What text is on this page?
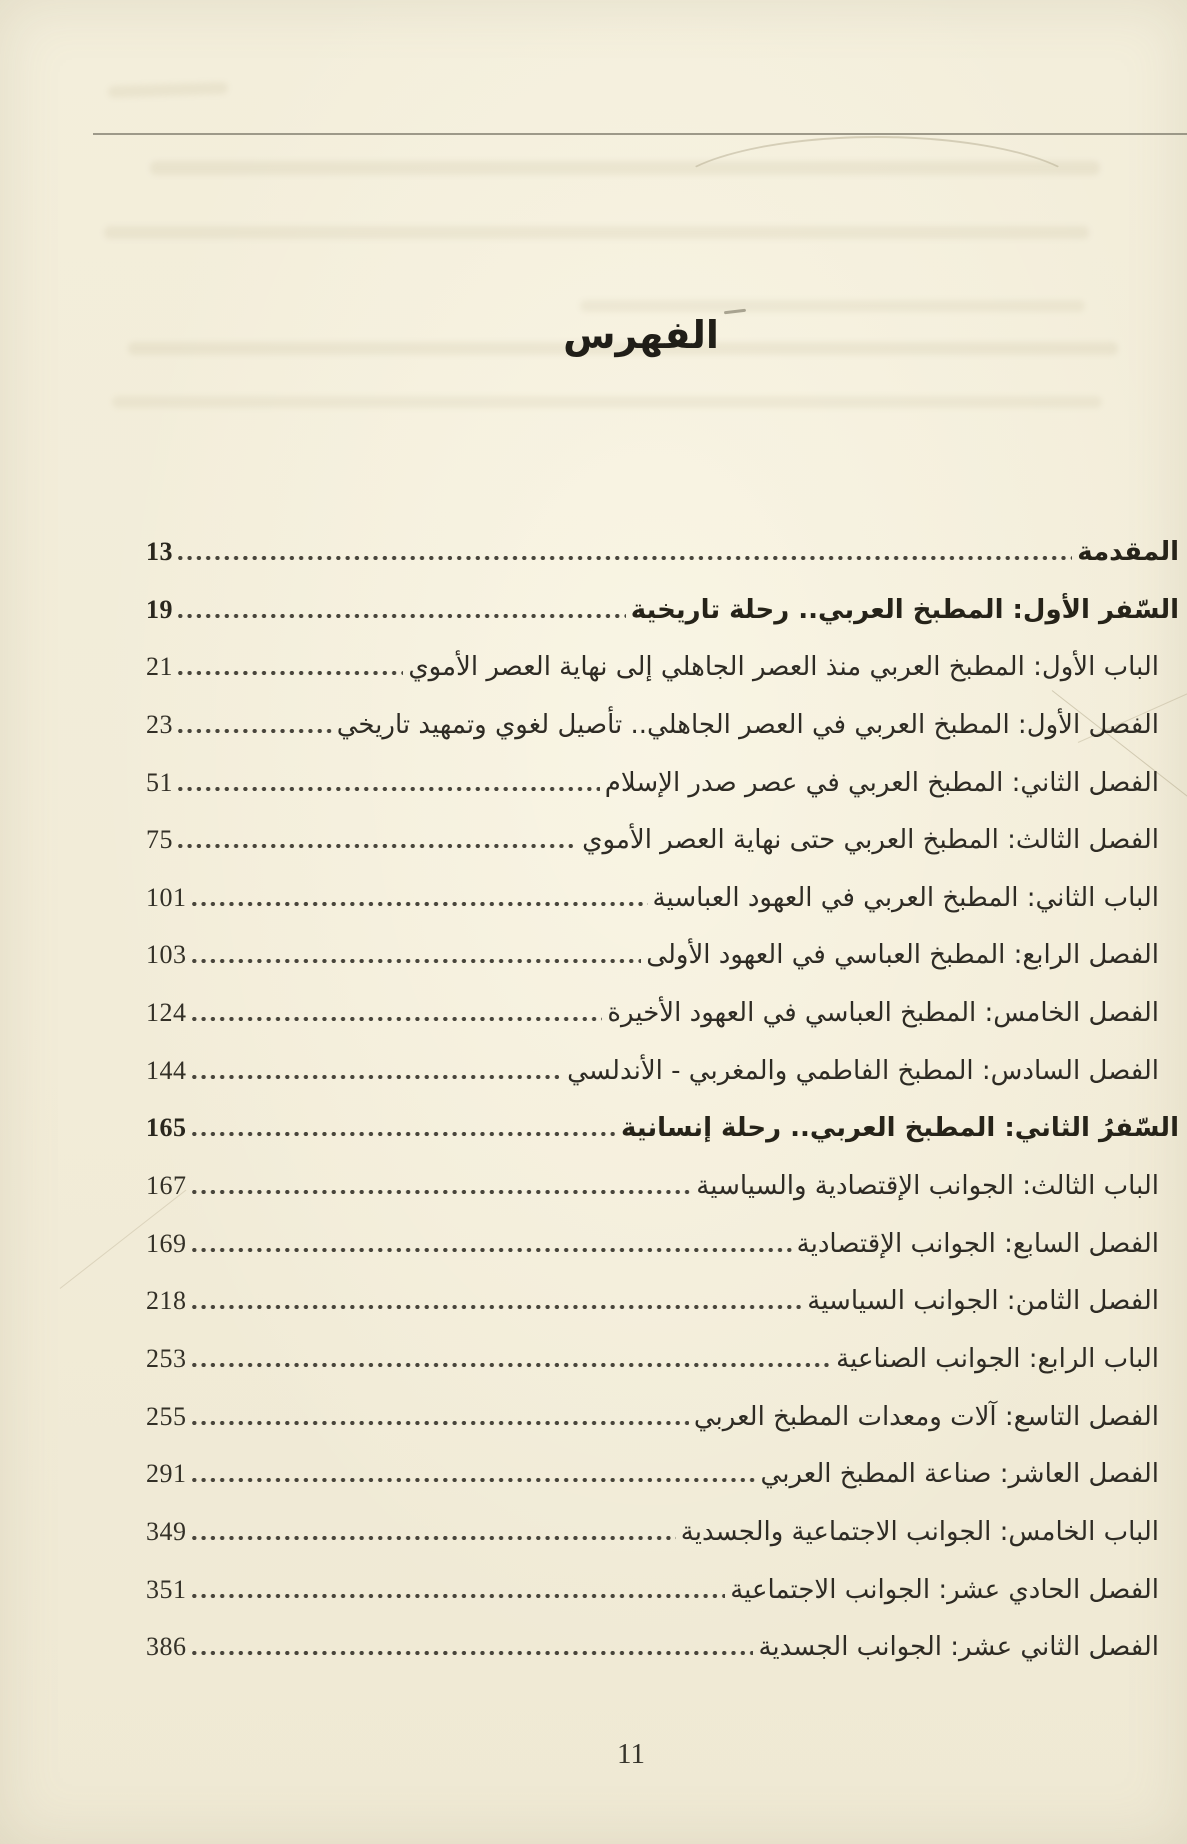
الفهرس
المقدمة
13
السّفر الأول: المطبخ العربي.. رحلة تاريخية
19
الباب الأول: المطبخ العربي منذ العصر الجاهلي إلى نهاية العصر الأموي
21
الفصل الأول: المطبخ العربي في العصر الجاهلي.. تأصيل لغوي وتمهيد تاريخي
23
الفصل الثاني: المطبخ العربي في عصر صدر الإسلام
51
الفصل الثالث: المطبخ العربي حتى نهاية العصر الأموي
75
الباب الثاني: المطبخ العربي في العهود العباسية
101
الفصل الرابع: المطبخ العباسي في العهود الأولى
103
الفصل الخامس: المطبخ العباسي في العهود الأخيرة
124
الفصل السادس: المطبخ الفاطمي والمغربي - الأندلسي
144
السّفرُ الثاني: المطبخ العربي.. رحلة إنسانية
165
الباب الثالث: الجوانب الإقتصادية والسياسية
167
الفصل السابع: الجوانب الإقتصادية
169
الفصل الثامن: الجوانب السياسية
218
الباب الرابع: الجوانب الصناعية
253
الفصل التاسع: آلات ومعدات المطبخ العربي
255
الفصل العاشر: صناعة المطبخ العربي
291
الباب الخامس: الجوانب الاجتماعية والجسدية
349
الفصل الحادي عشر: الجوانب الاجتماعية
351
الفصل الثاني عشر: الجوانب الجسدية
386
11
